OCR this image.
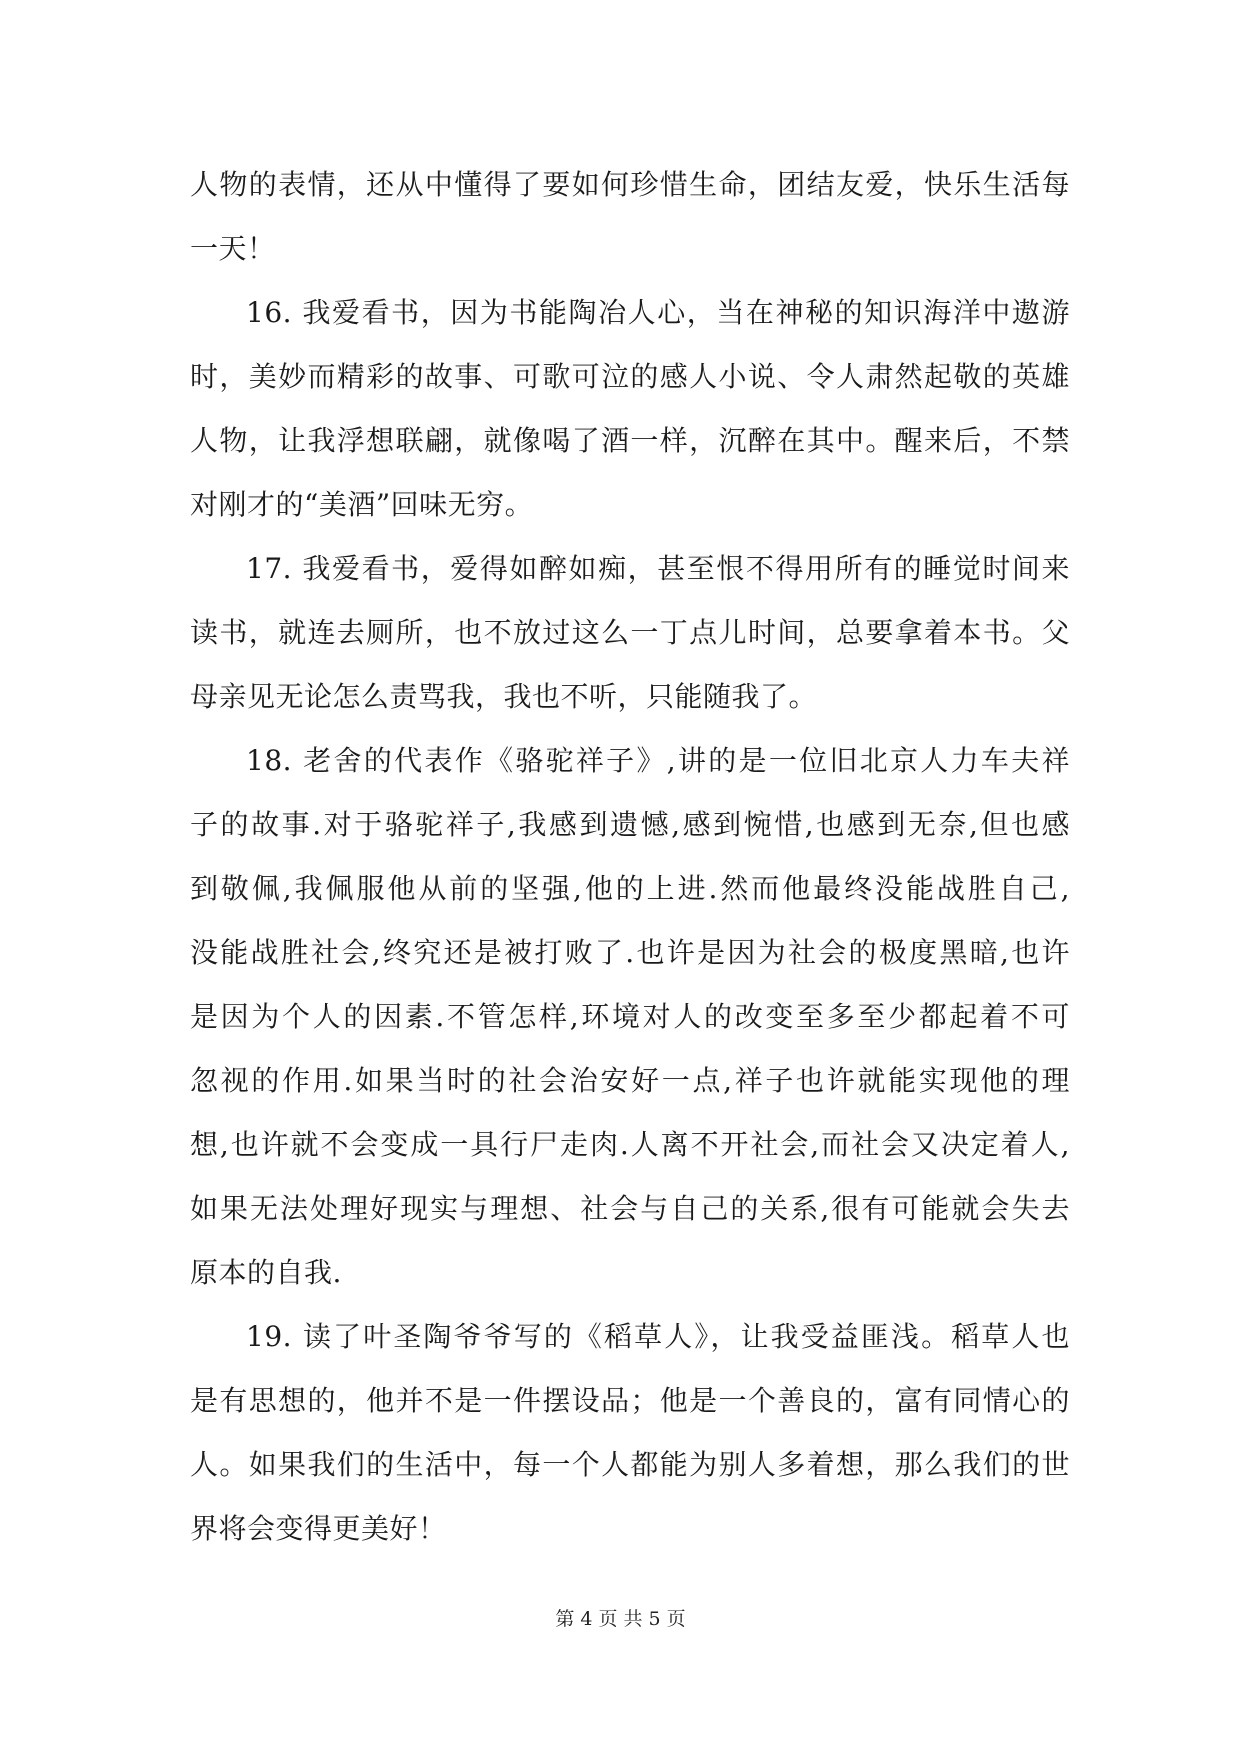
人物的表情，还从中懂得了要如何珍惜生命，团结友爱，快乐生活每
一天！
16. 我爱看书，因为书能陶冶人心，当在神秘的知识海洋中遨游
时，美妙而精彩的故事、可歌可泣的感人小说、令人肃然起敬的英雄
人物，让我浮想联翩，就像喝了酒一样，沉醉在其中。醒来后，不禁
对刚才的“美酒”回味无穷。
17. 我爱看书，爱得如醉如痴，甚至恨不得用所有的睡觉时间来
读书，就连去厕所，也不放过这么一丁点儿时间，总要拿着本书。父
母亲见无论怎么责骂我，我也不听，只能随我了。
18. 老舍的代表作《骆驼祥子》,讲的是一位旧北京人力车夫祥
子的故事.对于骆驼祥子,我感到遗憾,感到惋惜,也感到无奈,但也感
到敬佩,我佩服他从前的坚强,他的上进.然而他最终没能战胜自己,
没能战胜社会,终究还是被打败了.也许是因为社会的极度黑暗,也许
是因为个人的因素.不管怎样,环境对人的改变至多至少都起着不可
忽视的作用.如果当时的社会治安好一点,祥子也许就能实现他的理
想,也许就不会变成一具行尸走肉.人离不开社会,而社会又决定着人,
如果无法处理好现实与理想、社会与自己的关系,很有可能就会失去
原本的自我.
19. 读了叶圣陶爷爷写的《稻草人》，让我受益匪浅。稻草人也
是有思想的，他并不是一件摆设品；他是一个善良的，富有同情心的
人。如果我们的生活中，每一个人都能为别人多着想，那么我们的世
界将会变得更美好！
第 4 页 共 5 页
